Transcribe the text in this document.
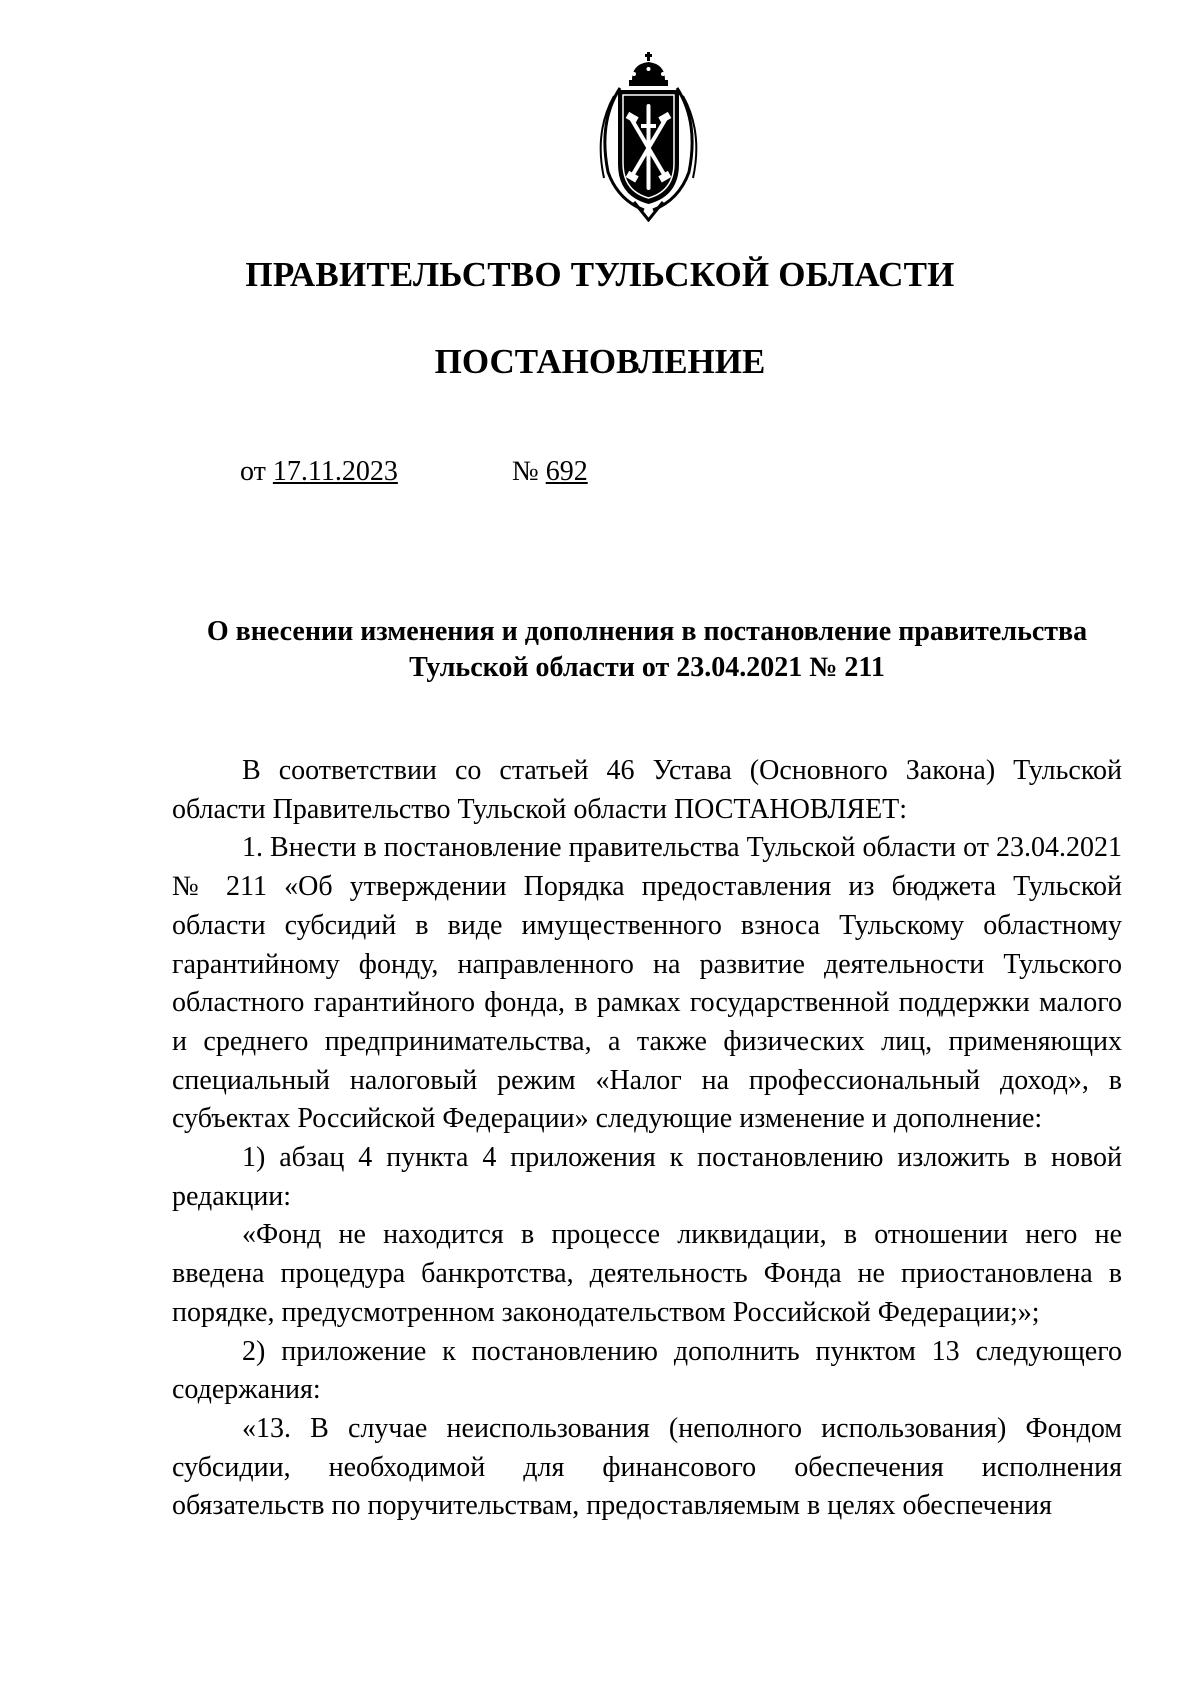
ПРАВИТЕЛЬСТВО ТУЛЬСКОЙ ОБЛАСТИ
ПОСТАНОВЛЕНИЕ
от 17.11.2023	№ 692
О внесении изменения и дополнения в постановление правительства
Тульской области от 23.04.2021 № 211

В соответствии со статьей 46 Устава (Основного Закона) Тульской области Правительство Тульской области ПОСТАНОВЛЯЕТ:

1. Внести в постановление правительства Тульской области от 23.04.2021 № 211 «Об утверждении Порядка предоставления из бюджета Тульской области субсидий в виде имущественного взноса Тульскому областному гарантийному фонду, направленного на развитие деятельности Тульского областного гарантийного фонда, в рамках государственной поддержки малого и среднего предпринимательства, а также физических лиц, применяющих специальный налоговый режим «Налог на профессиональный доход», в субъектах Российской Федерации» следующие изменение и дополнение:

1) абзац 4 пункта 4 приложения к постановлению изложить в новой редакции:

«Фонд не находится в процессе ликвидации, в отношении него не введена процедура банкротства, деятельность Фонда не приостановлена в порядке, предусмотренном законодательством Российской Федерации;»;

2) приложение к постановлению дополнить пунктом 13 следующего содержания:

«13. В случае неиспользования (неполного использования) Фондом субсидии, необходимой для финансового обеспечения исполнения обязательств по поручительствам, предоставляемым в целях обеспечения
